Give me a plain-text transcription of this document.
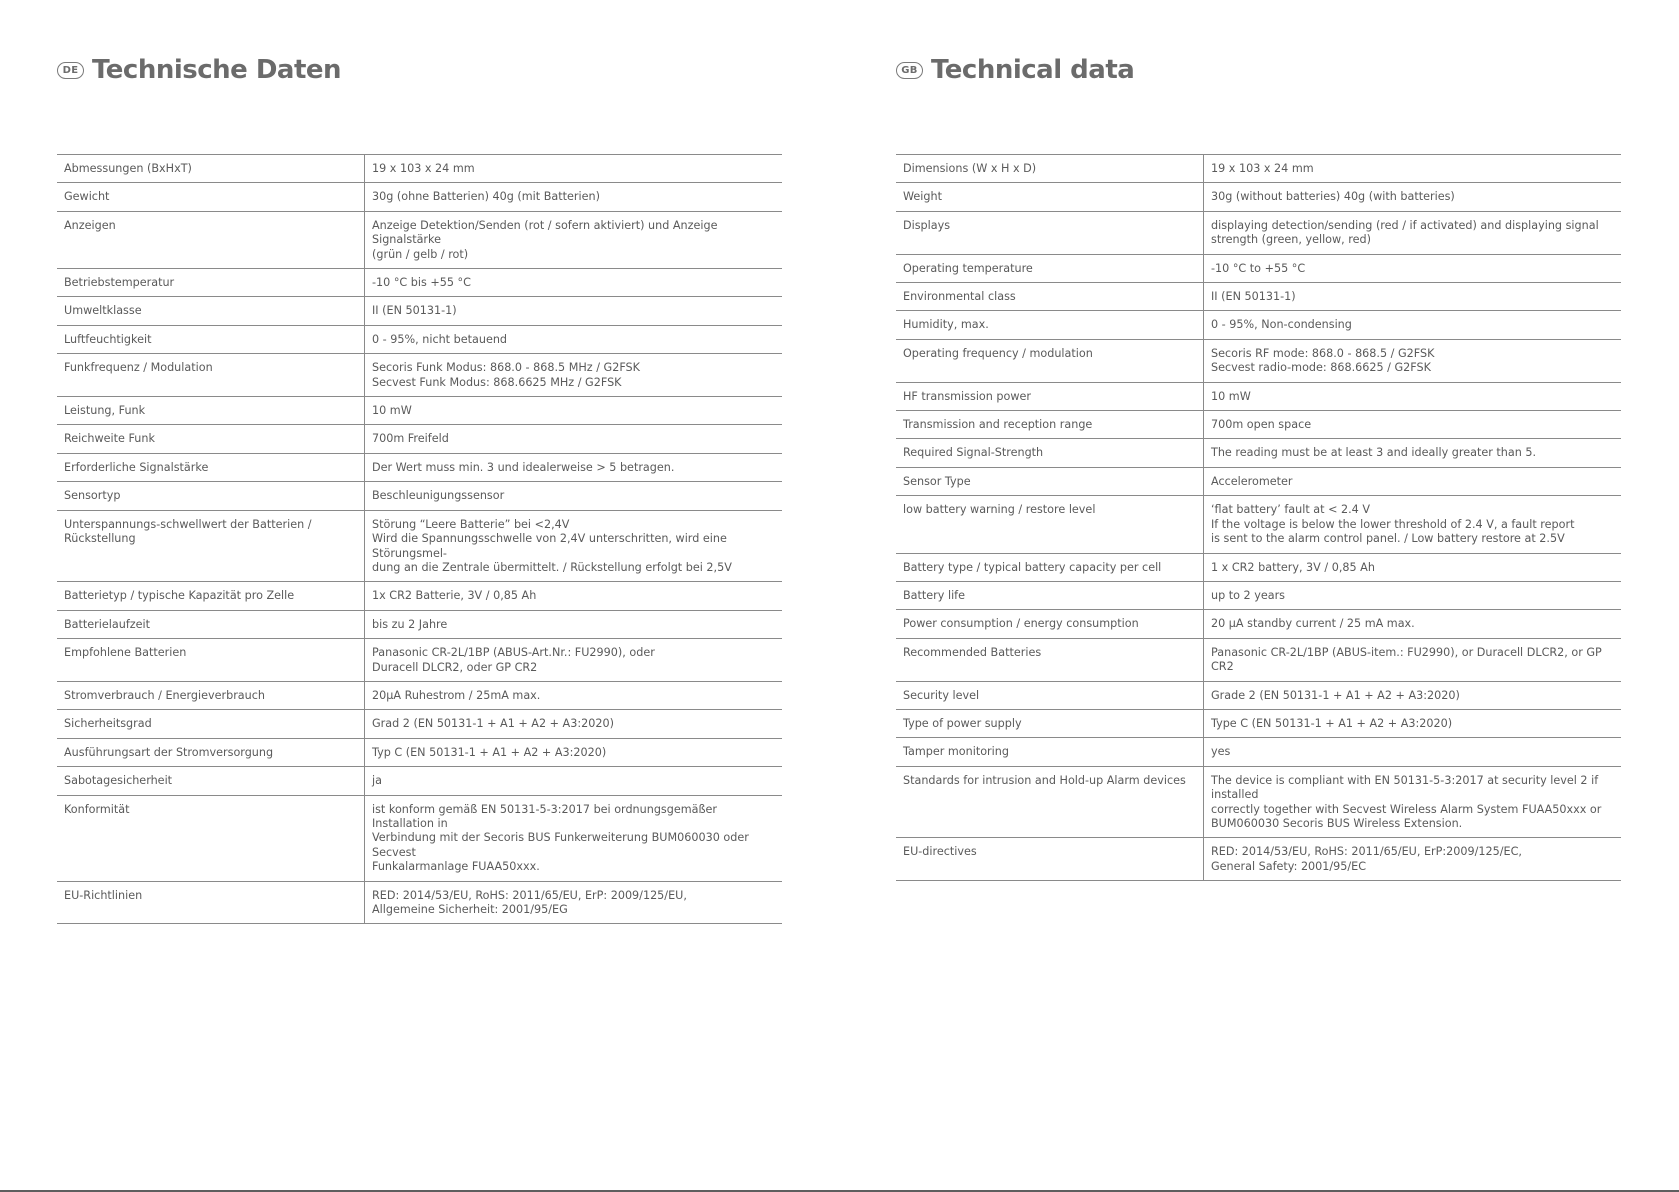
DE Technische Daten
Abmessungen (BxHxT)	19 x 103 x 24 mm
Gewicht	30g (ohne Batterien) 40g (mit Batterien)
Anzeigen	Anzeige Detektion/Senden (rot / sofern aktiviert) und Anzeige Signalstärke
(grün / gelb / rot)
Betriebstemperatur	-10 °C bis +55 °C
Umweltklasse	II (EN 50131-1)
Luftfeuchtigkeit	0 - 95%, nicht betauend
Funkfrequenz / Modulation	Secoris Funk Modus: 868.0 - 868.5 MHz / G2FSK
Secvest Funk Modus: 868.6625 MHz / G2FSK
Leistung, Funk	10 mW
Reichweite Funk	700m Freifeld
Erforderliche Signalstärke	Der Wert muss min. 3 und idealerweise > 5 betragen.
Sensortyp	Beschleunigungssensor
Unterspannungs-schwellwert der Batterien /
Rückstellung	Störung “Leere Batterie” bei <2,4V
Wird die Spannungsschwelle von 2,4V unterschritten, wird eine Störungsmel-
dung an die Zentrale übermittelt. / Rückstellung erfolgt bei 2,5V
Batterietyp / typische Kapazität pro Zelle	1x CR2 Batterie, 3V / 0,85 Ah
Batterielaufzeit	bis zu 2 Jahre
Empfohlene Batterien	Panasonic CR-2L/1BP (ABUS-Art.Nr.: FU2990), oder
Duracell DLCR2, oder GP CR2
Stromverbrauch / Energieverbrauch	20μA Ruhestrom / 25mA max.
Sicherheitsgrad	Grad 2 (EN 50131-1 + A1 + A2 + A3:2020)
Ausführungsart der Stromversorgung	Typ C (EN 50131-1 + A1 + A2 + A3:2020)
Sabotagesicherheit	ja
Konformität	ist konform gemäß EN 50131-5-3:2017 bei ordnungsgemäßer Installation in
Verbindung mit der Secoris BUS Funkerweiterung BUM060030 oder Secvest
Funkalarmanlage FUAA50xxx.
EU-Richtlinien	RED: 2014/53/EU, RoHS: 2011/65/EU, ErP: 2009/125/EU,
Allgemeine Sicherheit: 2001/95/EG
GB Technical data
Dimensions (W x H x D)	19 x 103 x 24 mm
Weight	30g (without batteries) 40g (with batteries)
Displays	displaying detection/sending (red / if activated) and displaying signal
strength (green, yellow, red)
Operating temperature	-10 °C to +55 °C
Environmental class	II (EN 50131-1)
Humidity, max.	0 - 95%, Non-condensing
Operating frequency / modulation	Secoris RF mode: 868.0 - 868.5 / G2FSK
Secvest radio-mode: 868.6625 / G2FSK
HF transmission power	10 mW
Transmission and reception range	700m open space
Required Signal-Strength	The reading must be at least 3 and ideally greater than 5.
Sensor Type	Accelerometer
low battery warning / restore level	‘flat battery’ fault at < 2.4 V
If the voltage is below the lower threshold of 2.4 V, a fault report
is sent to the alarm control panel. / Low battery restore at 2.5V
Battery type / typical battery capacity per cell	1 x CR2 battery, 3V / 0,85 Ah
Battery life	up to 2 years
Power consumption / energy consumption	20 μA standby current / 25 mA max.
Recommended Batteries	Panasonic CR-2L/1BP (ABUS-item.: FU2990), or Duracell DLCR2, or GP CR2
Security level	Grade 2 (EN 50131-1 + A1 + A2 + A3:2020)
Type of power supply	Type C (EN 50131-1 + A1 + A2 + A3:2020)
Tamper monitoring	yes
Standards for intrusion and Hold-up Alarm devices	The device is compliant with EN 50131-5-3:2017 at security level 2 if installed
correctly together with Secvest Wireless Alarm System FUAA50xxx or
BUM060030 Secoris BUS Wireless Extension.
EU-directives	RED: 2014/53/EU, RoHS: 2011/65/EU, ErP:2009/125/EC,
General Safety: 2001/95/EC
